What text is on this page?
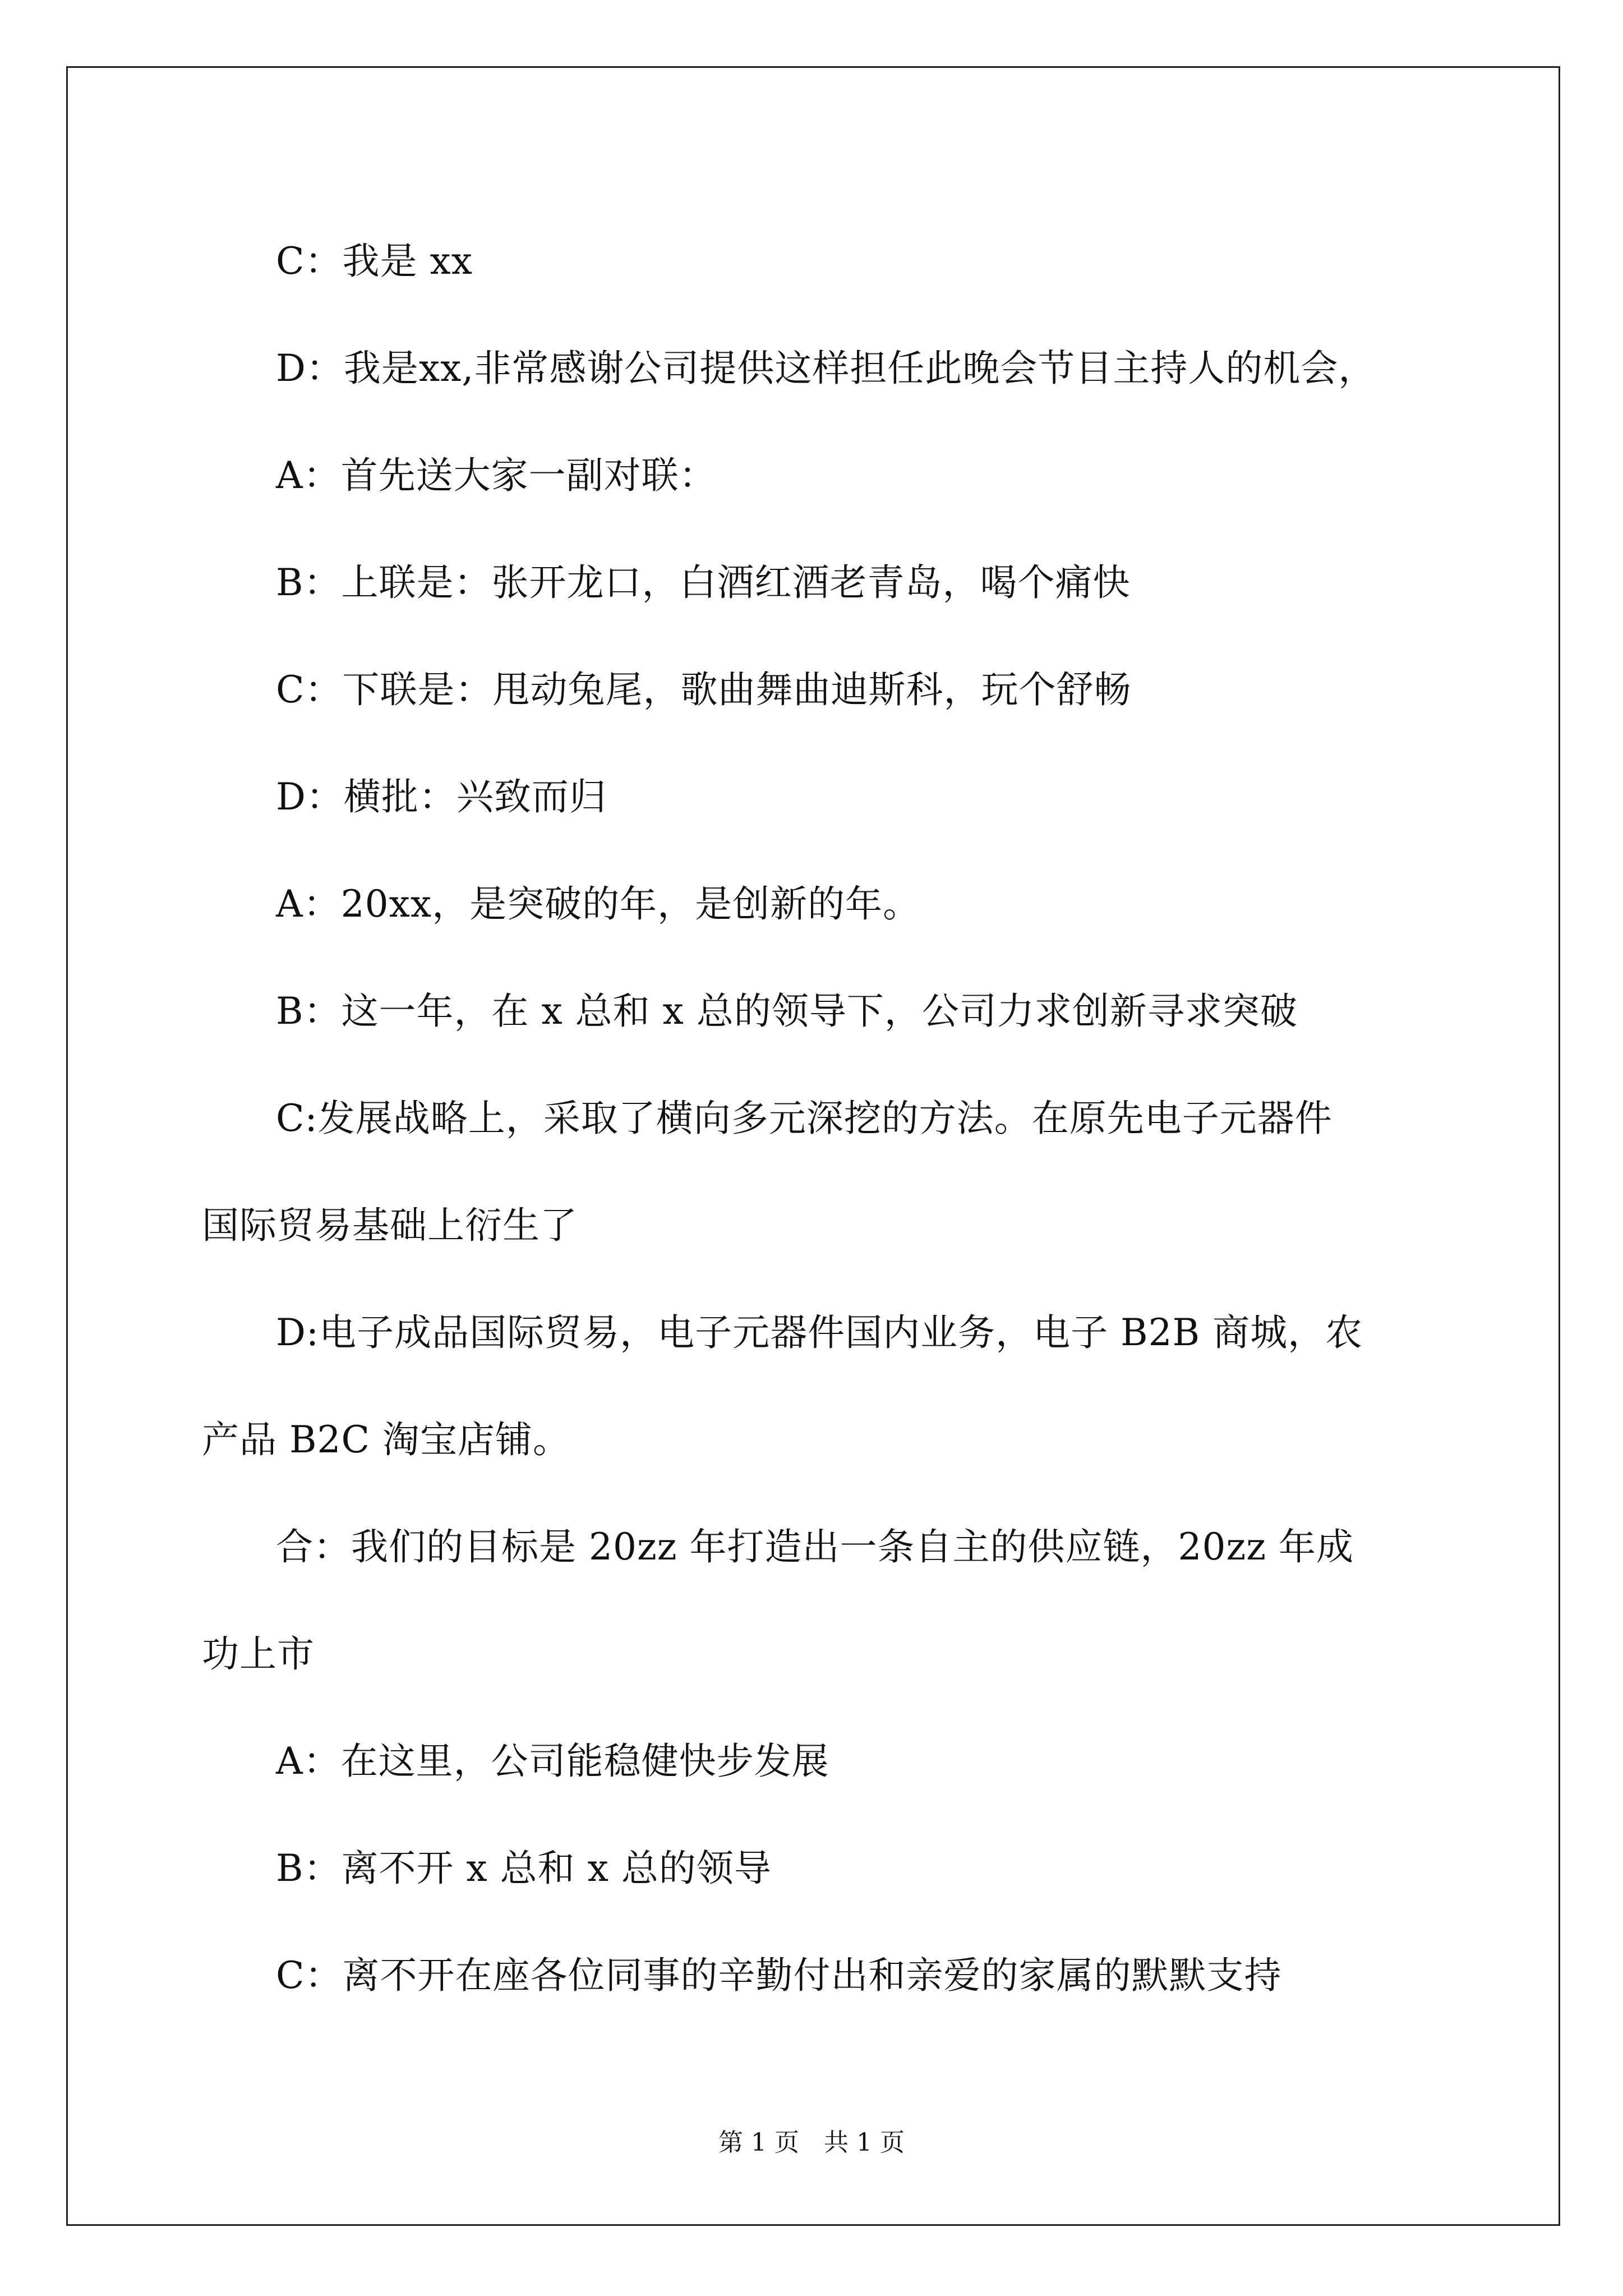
C：我是 xx

D：我是xx,非常感谢公司提供这样担任此晚会节目主持人的机会，

A：首先送大家一副对联：

B：上联是：张开龙口，白酒红酒老青岛，喝个痛快

C：下联是：甩动兔尾，歌曲舞曲迪斯科，玩个舒畅

D：横批：兴致而归

A：20xx，是突破的年，是创新的年。

B：这一年，在 x 总和 x 总的领导下，公司力求创新寻求突破

C:发展战略上，采取了横向多元深挖的方法。在原先电子元器件

国际贸易基础上衍生了

D:电子成品国际贸易，电子元器件国内业务，电子 B2B 商城，农

产品 B2C 淘宝店铺。

合：我们的目标是 20zz 年打造出一条自主的供应链，20zz 年成

功上市

A：在这里，公司能稳健快步发展

B：离不开 x 总和 x 总的领导

C：离不开在座各位同事的辛勤付出和亲爱的家属的默默支持

第 1 页　共 1 页
